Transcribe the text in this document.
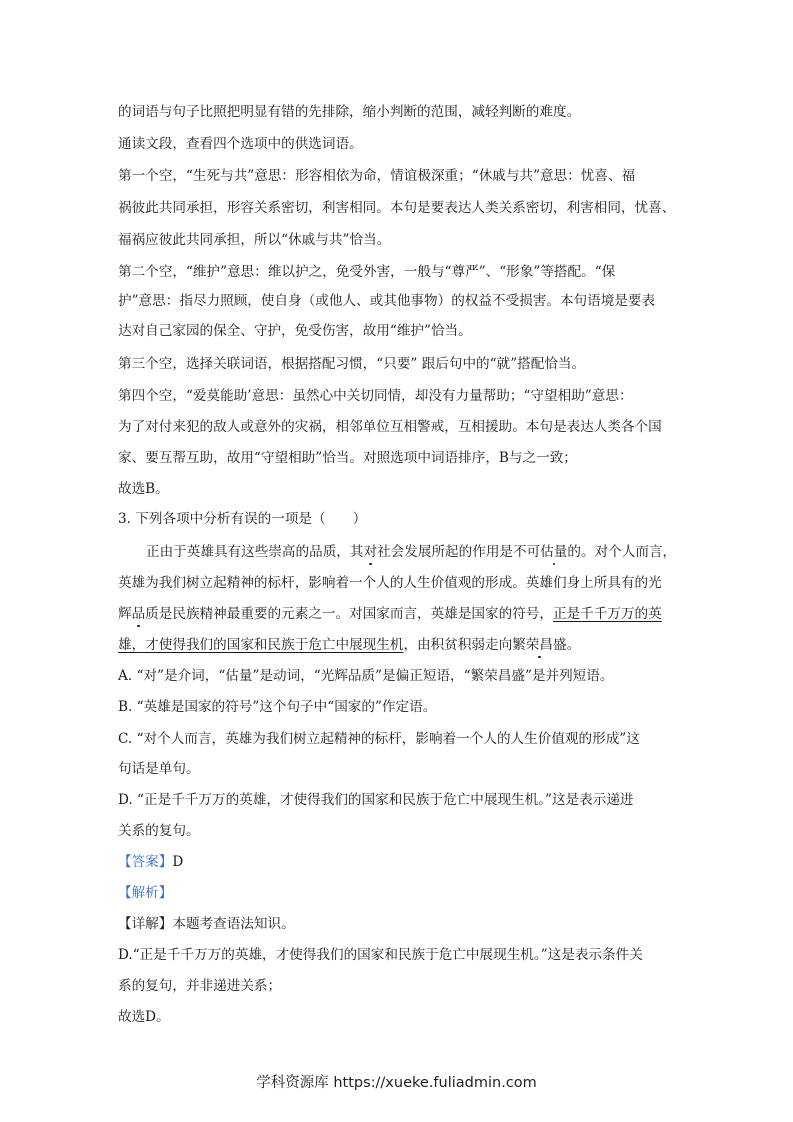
的词语与句子比照把明显有错的先排除，缩小判断的范围，减轻判断的难度。
通读文段，查看四个选项中的供选词语。
第一个空，“生死与共”意思：形容相依为命，情谊极深重；“休戚与共”意思：忧喜、福
祸彼此共同承担，形容关系密切，利害相同。本句是要表达人类关系密切，利害相同，忧喜、
福祸应彼此共同承担，所以“休戚与共”恰当。
第二个空，“维护”意思：维以护之，免受外害，一般与“尊严”、“形象”等搭配。“保
护”意思：指尽力照顾，使自身（或他人、或其他事物）的权益不受损害。本句语境是要表
达对自己家园的保全、守护，免受伤害，故用“维护”恰当。
第三个空，选择关联词语，根据搭配习惯，“只要” 跟后句中的“就”搭配恰当。
第四个空，“爱莫能助’意思：虽然心中关切同情，却没有力量帮助；“守望相助”意思：
为了对付来犯的敌人或意外的灾祸，相邻单位互相警戒，互相援助。本句是表达人类各个国
家、要互帮互助，故用“守望相助”恰当。对照选项中词语排序，B与之一致；
故选B。
3. 下列各项中分析有误的一项是（　　）
正由于英雄具有这些崇高的品质，其对社会发展所起的作用是不可估量的。对个人而言，
英雄为我们树立起精神的标杆，影响着一个人的人生价值观的形成。英雄们身上所具有的光
辉品质是民族精神最重要的元素之一。对国家而言，英雄是国家的符号，正是千千万万的英
雄，才使得我们的国家和民族于危亡中展现生机，由积贫积弱走向繁荣昌盛。
A. “对”是介词，“估量”是动词，“光辉品质”是偏正短语，“繁荣昌盛”是并列短语。
B. “英雄是国家的符号”这个句子中“国家的”作定语。
C. “对个人而言，英雄为我们树立起精神的标杆，影响着一个人的人生价值观的形成”这
句话是单句。
D. “正是千千万万的英雄，才使得我们的国家和民族于危亡中展现生机。”这是表示递进
关系的复句。
【答案】D
【解析】
【详解】本题考查语法知识。
D.“正是千千万万的英雄，才使得我们的国家和民族于危亡中展现生机。”这是表示条件关
系的复句，并非递进关系；
故选D。
学科资源库 https://xueke.fuliadmin.com
